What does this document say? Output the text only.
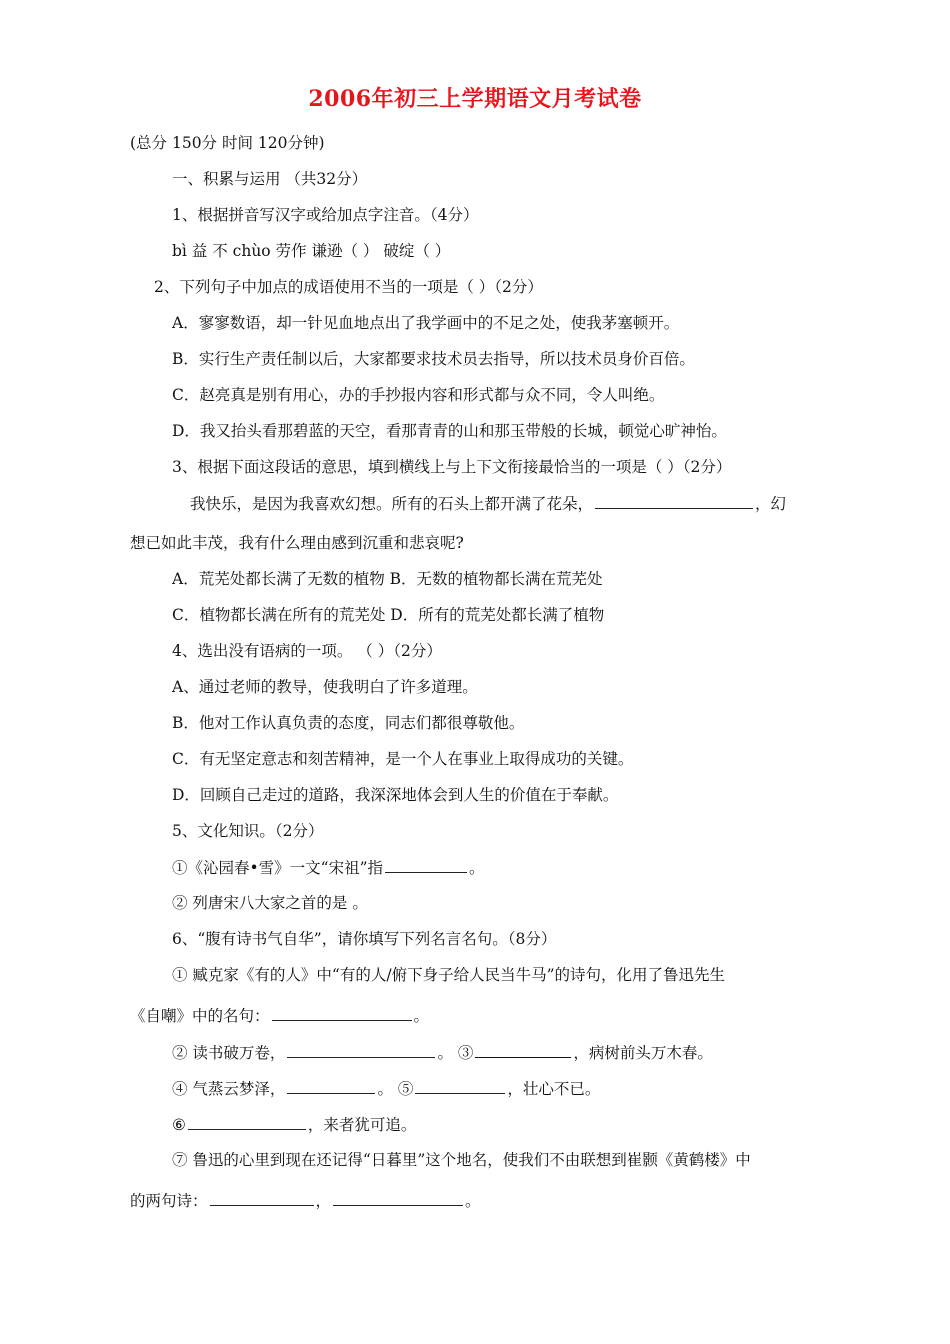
2006年初三上学期语文月考试卷
(总分 150分 时间 120分钟)
一、积累与运用 （共32分）
1、根据拼音写汉字或给加点字注音。（4分）
bì 益 不 chùo 劳作 谦逊（ ） 破绽（ ）
2、下列句子中加点的成语使用不当的一项是（ ）（2分）
A．寥寥数语，却一针见血地点出了我学画中的不足之处，使我茅塞顿开。
B．实行生产责任制以后，大家都要求技术员去指导，所以技术员身价百倍。
C．赵亮真是别有用心，办的手抄报内容和形式都与众不同，令人叫绝。
D．我又抬头看那碧蓝的天空，看那青青的山和那玉带般的长城，顿觉心旷神怡。
3、根据下面这段话的意思，填到横线上与上下文衔接最恰当的一项是（ ）（2分）
我快乐，是因为我喜欢幻想。所有的石头上都开满了花朵，	，幻
想已如此丰茂，我有什么理由感到沉重和悲哀呢?
A．荒芜处都长满了无数的植物 B．无数的植物都长满在荒芜处
C．植物都长满在所有的荒芜处 D．所有的荒芜处都长满了植物
4、选出没有语病的一项。 （ ）（2分）
A、通过老师的教导，使我明白了许多道理。
B．他对工作认真负责的态度，同志们都很尊敬他。
C．有无坚定意志和刻苦精神，是一个人在事业上取得成功的关键。
D．回顾自己走过的道路，我深深地体会到人生的价值在于奉献。
5、文化知识。（2分）
①《沁园春•雪》一文“宋祖”指	。
② 列唐宋八大家之首的是 。
6、“腹有诗书气自华”，请你填写下列名言名句。（8分）
① 臧克家《有的人》中“有的人/俯下身子给人民当牛马”的诗句，化用了鲁迅先生
《自嘲》中的名句：	。
② 读书破万卷，	。 ③	，病树前头万木春。
④ 气蒸云梦泽，	。 ⑤	，壮心不已。
⑥	，来者犹可追。
⑦ 鲁迅的心里到现在还记得“日暮里”这个地名，使我们不由联想到崔颢《黄鹤楼》中
的两句诗：	，	。
